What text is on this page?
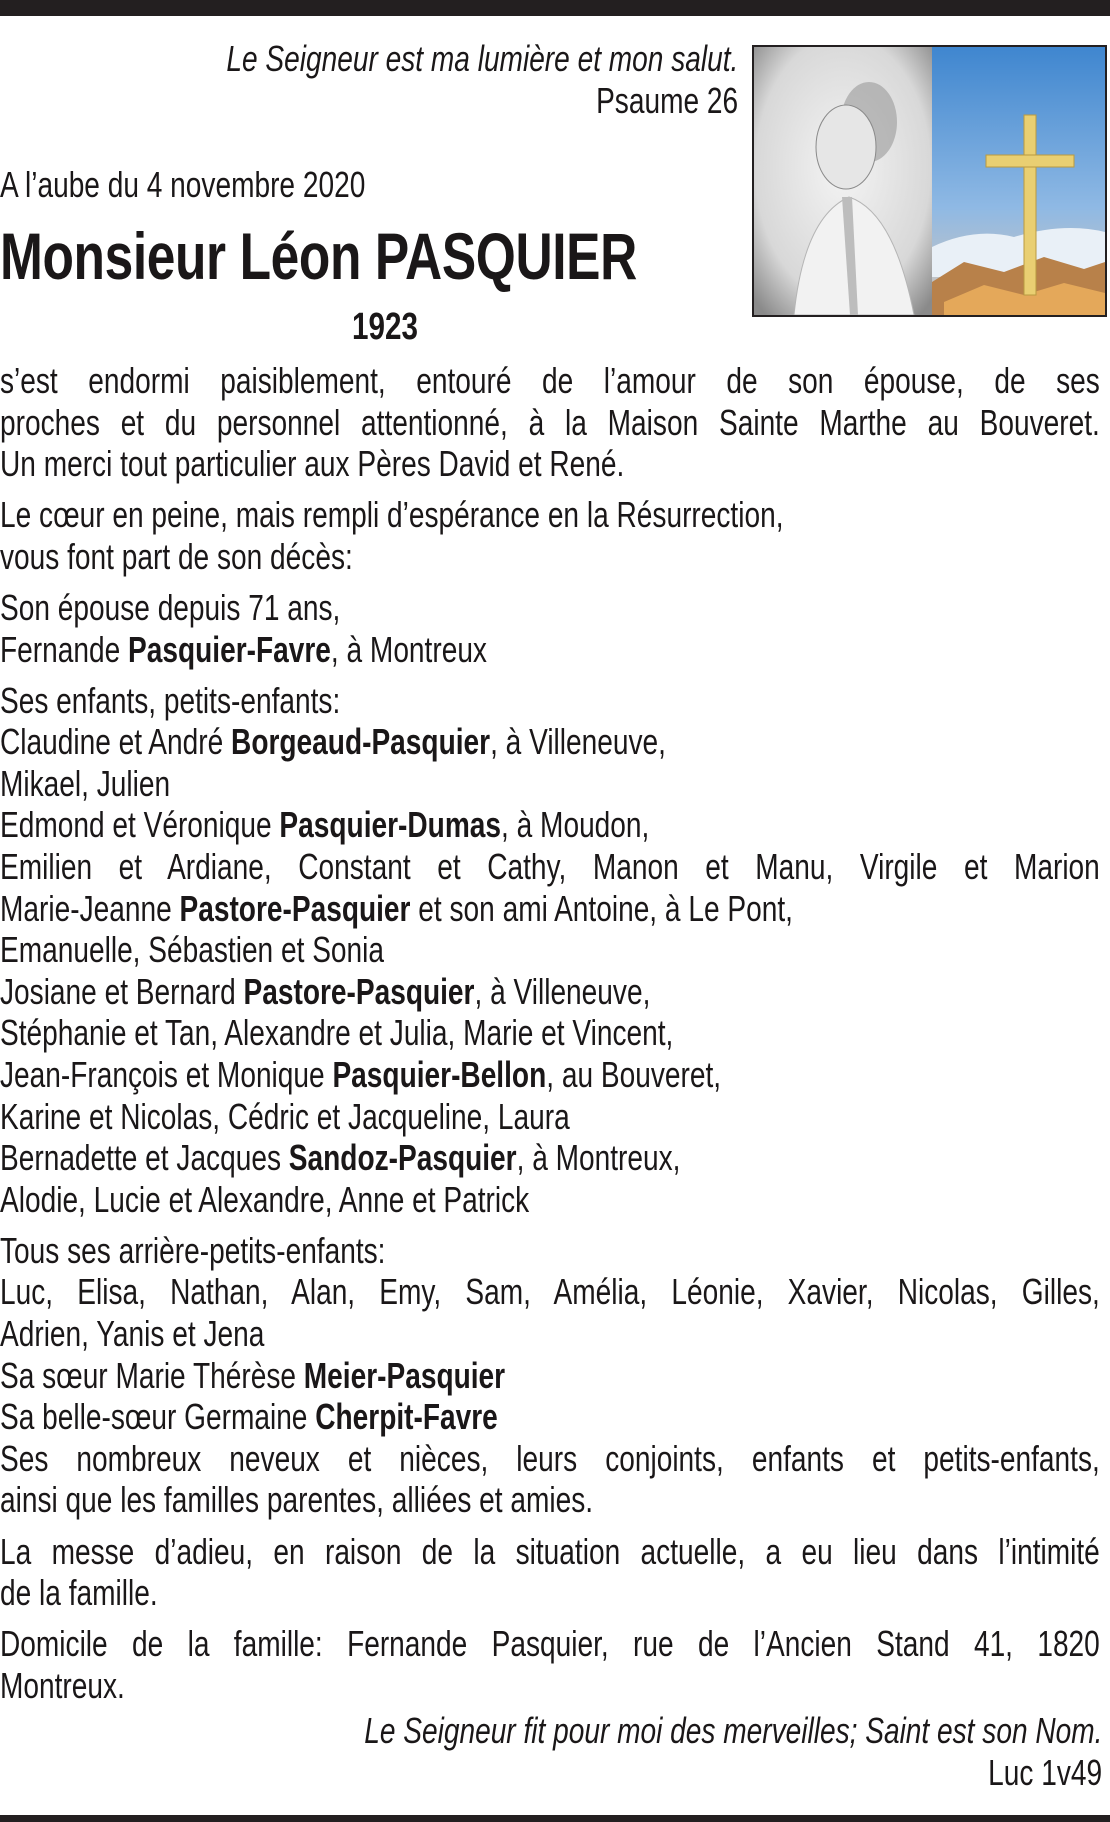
Le Seigneur est ma lumière et mon salut.
Psaume 26
A l’aube du 4 novembre 2020
Monsieur Léon PASQUIER
1923
s’est endormi paisiblement, entouré de l’amour de son épouse, de ses
proches et du personnel attentionné, à la Maison Sainte Marthe au Bouveret.
Un merci tout particulier aux Pères David et René.
Le cœur en peine, mais rempli d’espérance en la Résurrection,
vous font part de son décès:
Son épouse depuis 71 ans,
Fernande Pasquier-Favre, à Montreux
Ses enfants, petits-enfants:
Claudine et André Borgeaud-Pasquier, à Villeneuve,
Mikael, Julien
Edmond et Véronique Pasquier-Dumas, à Moudon,
Emilien et Ardiane, Constant et Cathy, Manon et Manu, Virgile et Marion
Marie-Jeanne Pastore-Pasquier et son ami Antoine, à Le Pont,
Emanuelle, Sébastien et Sonia
Josiane et Bernard Pastore-Pasquier, à Villeneuve,
Stéphanie et Tan, Alexandre et Julia, Marie et Vincent,
Jean-François et Monique Pasquier-Bellon, au Bouveret,
Karine et Nicolas, Cédric et Jacqueline, Laura
Bernadette et Jacques Sandoz-Pasquier, à Montreux,
Alodie, Lucie et Alexandre, Anne et Patrick
Tous ses arrière-petits-enfants:
Luc, Elisa, Nathan, Alan, Emy, Sam, Amélia, Léonie, Xavier, Nicolas, Gilles,
Adrien, Yanis et Jena
Sa sœur Marie Thérèse Meier-Pasquier
Sa belle-sœur Germaine Cherpit-Favre
Ses nombreux neveux et nièces, leurs conjoints, enfants et petits-enfants,
ainsi que les familles parentes, alliées et amies.
La messe d’adieu, en raison de la situation actuelle, a eu lieu dans l’intimité
de la famille.
Domicile de la famille: Fernande Pasquier, rue de l’Ancien Stand 41, 1820
Montreux.
Le Seigneur fit pour moi des merveilles; Saint est son Nom.
Luc 1v49
